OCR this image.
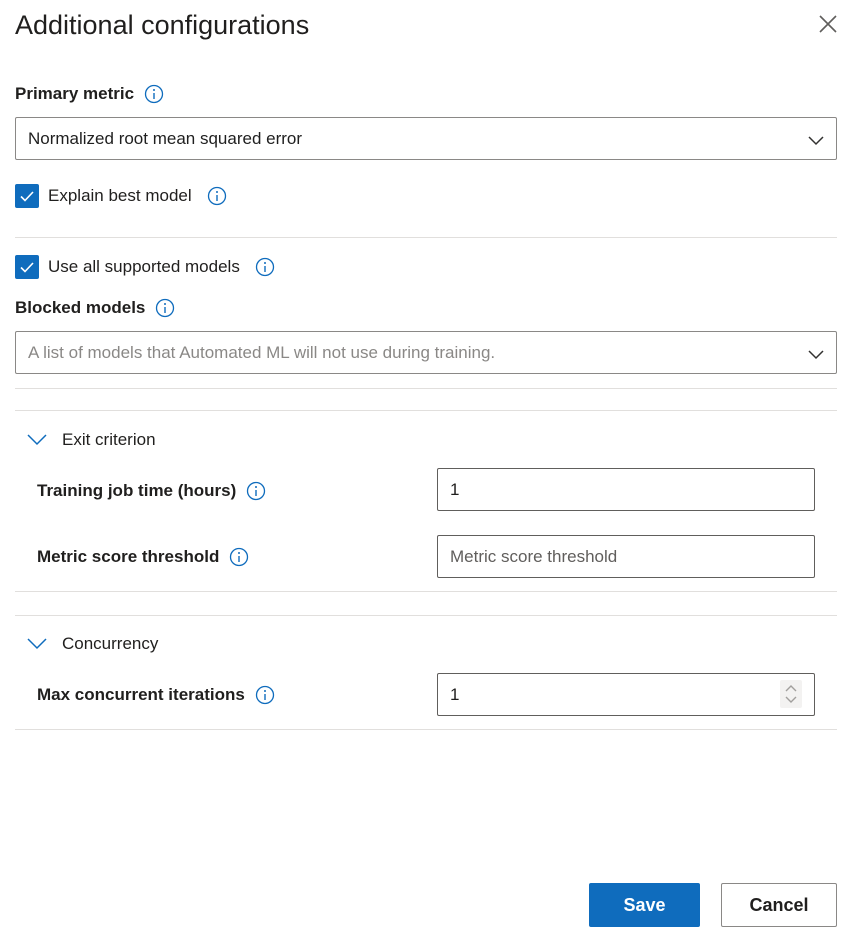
Additional configurations
Primary metric
Normalized root mean squared error
Explain best model
Use all supported models
Blocked models
A list of models that Automated ML will not use during training.
Exit criterion
Training job time (hours)
1
Metric score threshold
Metric score threshold
Concurrency
Max concurrent iterations
1
Save	Cancel
